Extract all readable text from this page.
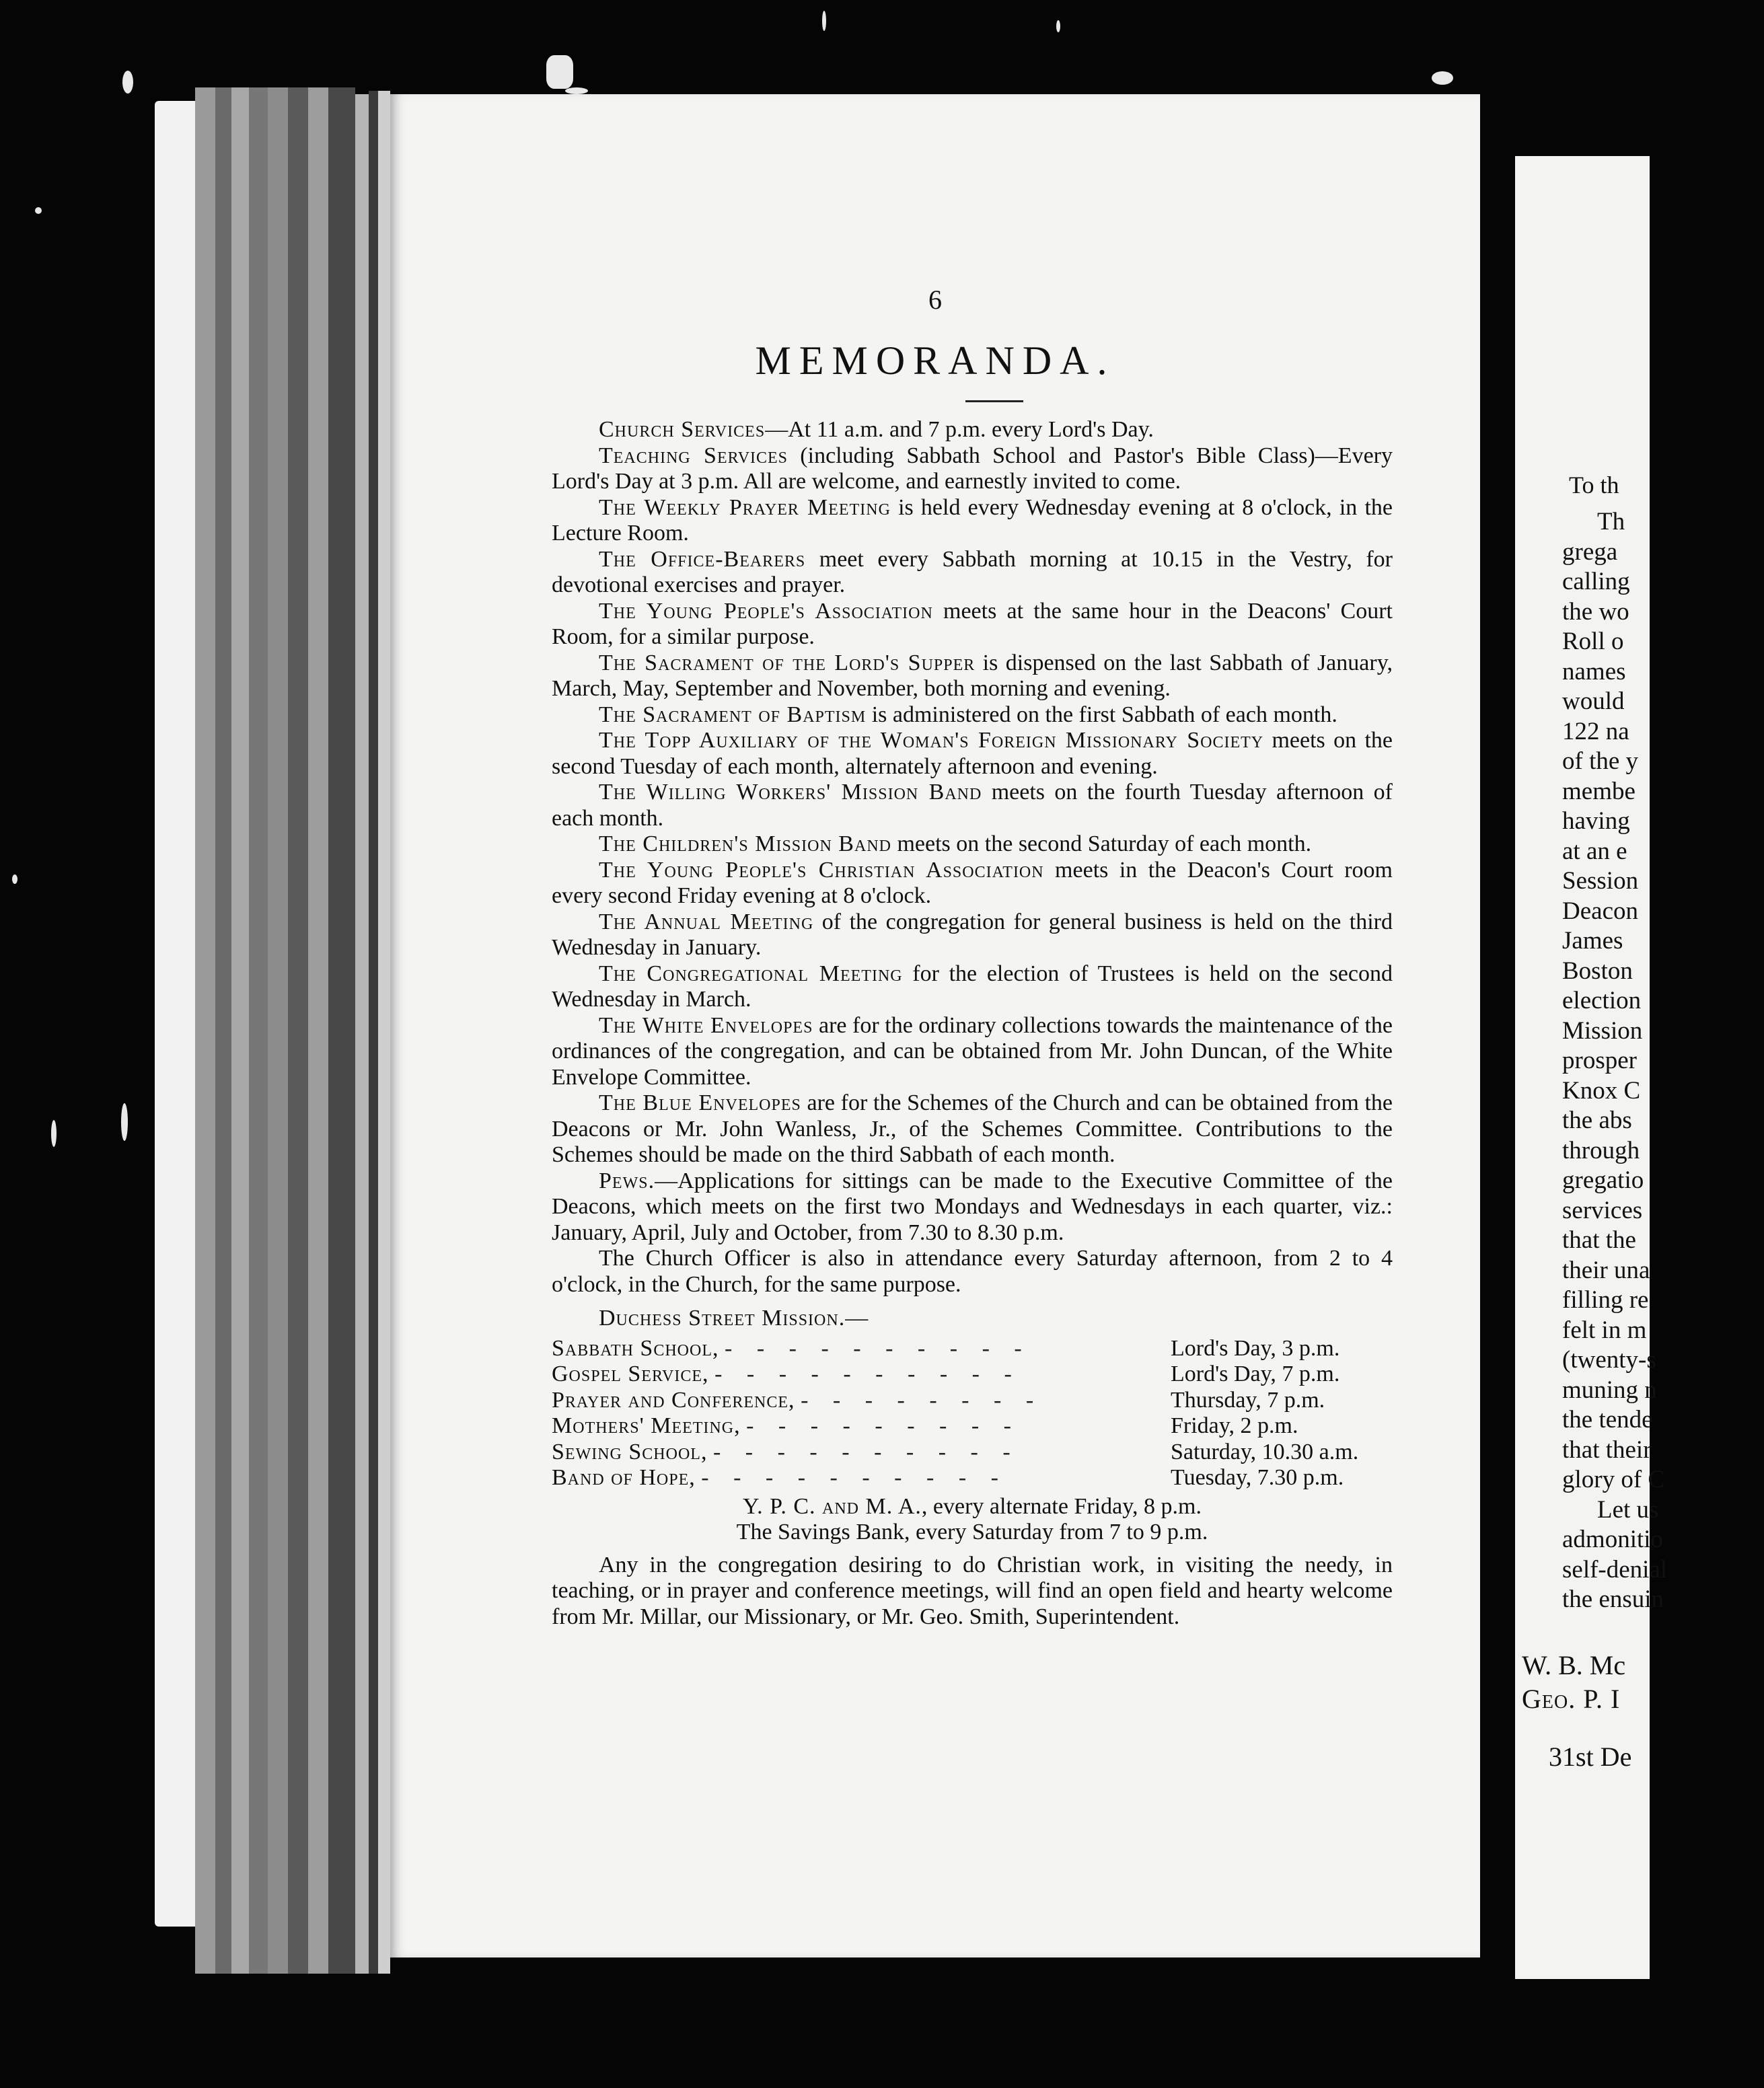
6
MEMORANDA.

Church Services—At 11 a.m. and 7 p.m. every Lord's Day.

Teaching Services (including Sabbath School and Pastor's Bible Class)—Every Lord's Day at 3 p.m. All are welcome, and earnestly invited to come.

The Weekly Prayer Meeting is held every Wednesday evening at 8 o'clock, in the Lecture Room.

The Office-Bearers meet every Sabbath morning at 10.15 in the Vestry, for devotional exercises and prayer.

The Young People's Association meets at the same hour in the Deacons' Court Room, for a similar purpose.

The Sacrament of the Lord's Supper is dispensed on the last Sabbath of January, March, May, September and November, both morning and evening.

The Sacrament of Baptism is administered on the first Sabbath of each month.

The Topp Auxiliary of the Woman's Foreign Missionary Society meets on the second Tuesday of each month, alternately afternoon and evening.

The Willing Workers' Mission Band meets on the fourth Tuesday afternoon of each month.

The Children's Mission Band meets on the second Saturday of each month.

The Young People's Christian Association meets in the Deacon's Court room every second Friday evening at 8 o'clock.

The Annual Meeting of the congregation for general business is held on the third Wednesday in January.

The Congregational Meeting for the election of Trustees is held on the second Wednesday in March.

The White Envelopes are for the ordinary collections towards the maintenance of the ordinances of the congregation, and can be obtained from Mr. John Duncan, of the White Envelope Committee.

The Blue Envelopes are for the Schemes of the Church and can be obtained from the Deacons or Mr. John Wanless, Jr., of the Schemes Committee. Contributions to the Schemes should be made on the third Sabbath of each month.

Pews.—Applications for sittings can be made to the Executive Committee of the Deacons, which meets on the first two Mondays and Wednesdays in each quarter, viz.: January, April, July and October, from 7.30 to 8.30 p.m.

The Church Officer is also in attendance every Saturday afternoon, from 2 to 4 o'clock, in the Church, for the same purpose.

Duchess Street Mission.—

Sabbath School, - - - - - - - - - -	Lord's Day, 3 p.m.
Gospel Service, - - - - - - - - - -	Lord's Day, 7 p.m.
Prayer and Conference, - - - - - - - -	Thursday, 7 p.m.
Mothers' Meeting, - - - - - - - - -	Friday, 2 p.m.
Sewing School, - - - - - - - - - -	Saturday, 10.30 a.m.
Band of Hope, - - - - - - - - - -	Tuesday, 7.30 p.m.

Y. P. C. and M. A., every alternate Friday, 8 p.m.

The Savings Bank, every Saturday from 7 to 9 p.m.

Any in the congregation desiring to do Christian work, in visiting the needy, in teaching, or in prayer and conference meetings, will find an open field and hearty welcome from Mr. Millar, our Missionary, or Mr. Geo. Smith, Superintendent.

To th
Th
grega
calling
the wo
Roll o
names
would
122 na
of the y
membe
having
at an e
Session
Deacon
James
Boston
election
Mission
prosper
Knox C
the abs
through
gregatio
services
that the
their una
filling re
felt in m
(twenty-s
muning n
the tende
that their
glory of C
Let us
admonitio
self-denial
the ensuin
W. B. Mc
Geo. P. I
31st De
